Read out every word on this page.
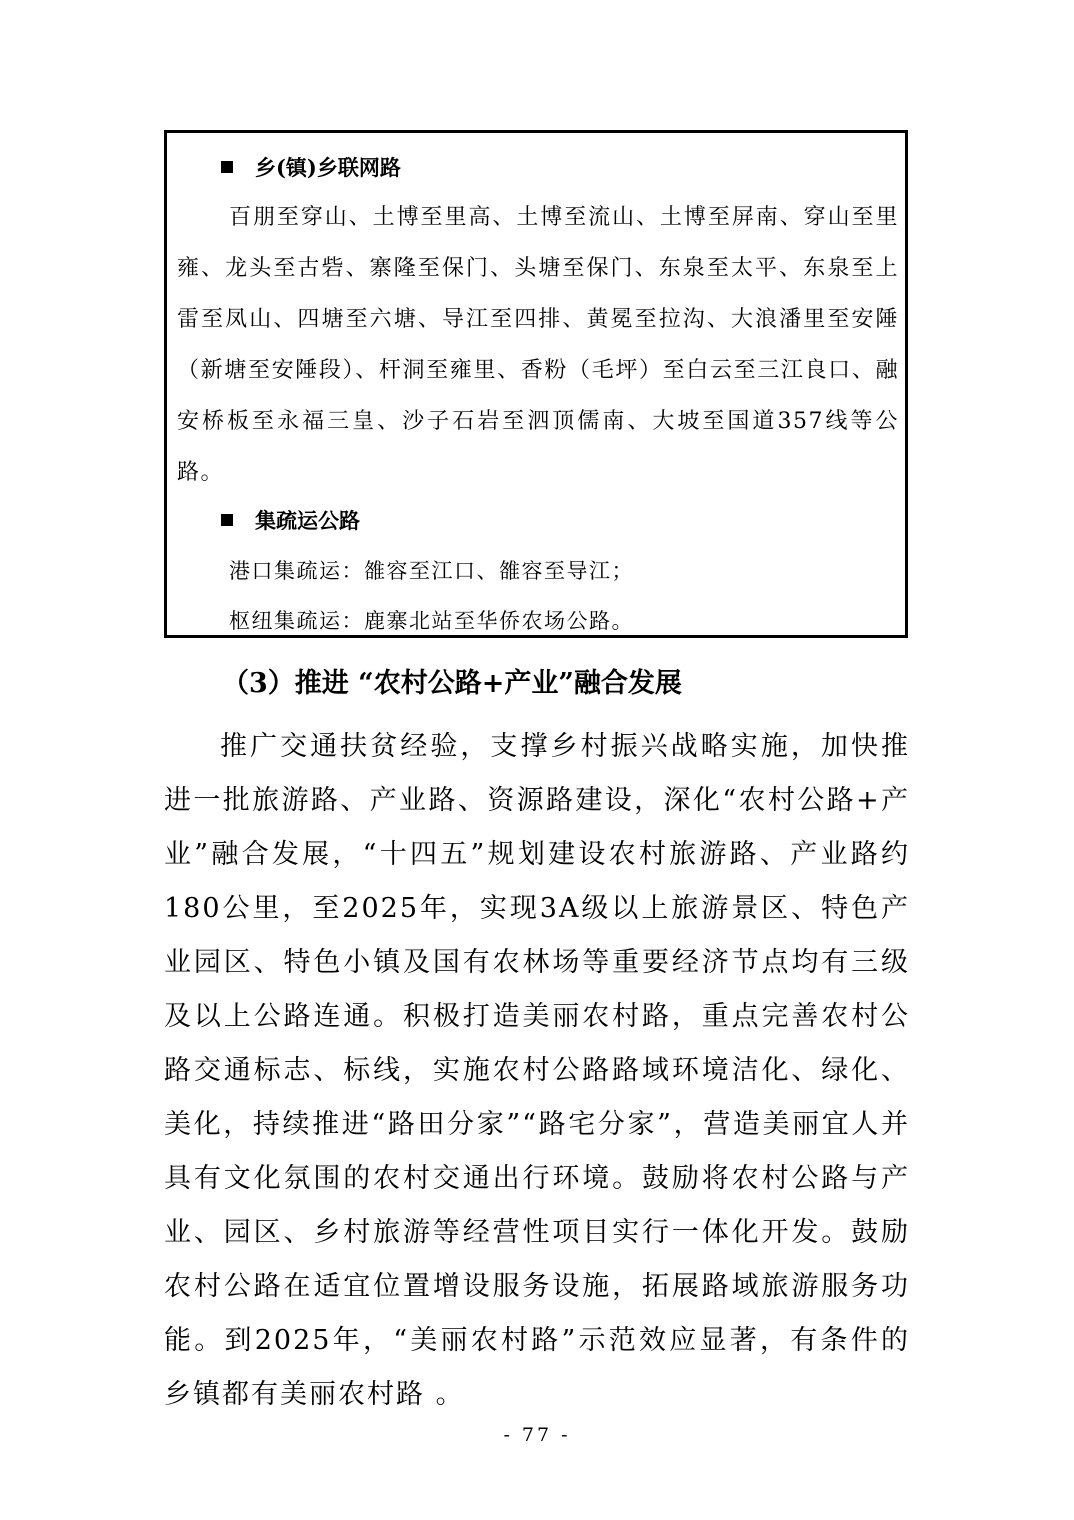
乡(镇)乡联网路
百朋至穿山、土博至里高、土博至流山、土博至屏南、穿山至里雍、龙头至古砦、寨隆至保门、头塘至保门、东泉至太平、东泉至上雷至凤山、四塘至六塘、导江至四排、黄冕至拉沟、大浪潘里至安陲（新塘至安陲段）、杆洞至雍里、香粉（毛坪）至白云至三江良口、融安桥板至永福三皇、沙子石岩至泗顶儒南、大坡至国道357线等公路。
集疏运公路
港口集疏运：雒容至江口、雒容至导江；
枢纽集疏运：鹿寨北站至华侨农场公路。
（3）推进 “农村公路+产业”融合发展
推广交通扶贫经验，支撑乡村振兴战略实施，加快推进一批旅游路、产业路、资源路建设，深化“农村公路+产业”融合发展，“十四五”规划建设农村旅游路、产业路约180公里，至2025年，实现3A级以上旅游景区、特色产业园区、特色小镇及国有农林场等重要经济节点均有三级及以上公路连通。积极打造美丽农村路，重点完善农村公路交通标志、标线，实施农村公路路域环境洁化、绿化、美化，持续推进“路田分家”“路宅分家”，营造美丽宜人并具有文化氛围的农村交通出行环境。鼓励将农村公路与产业、园区、乡村旅游等经营性项目实行一体化开发。鼓励农村公路在适宜位置增设服务设施，拓展路域旅游服务功能。到2025年，“美丽农村路”示范效应显著，有条件的乡镇都有美丽农村路 。
- 77 -
